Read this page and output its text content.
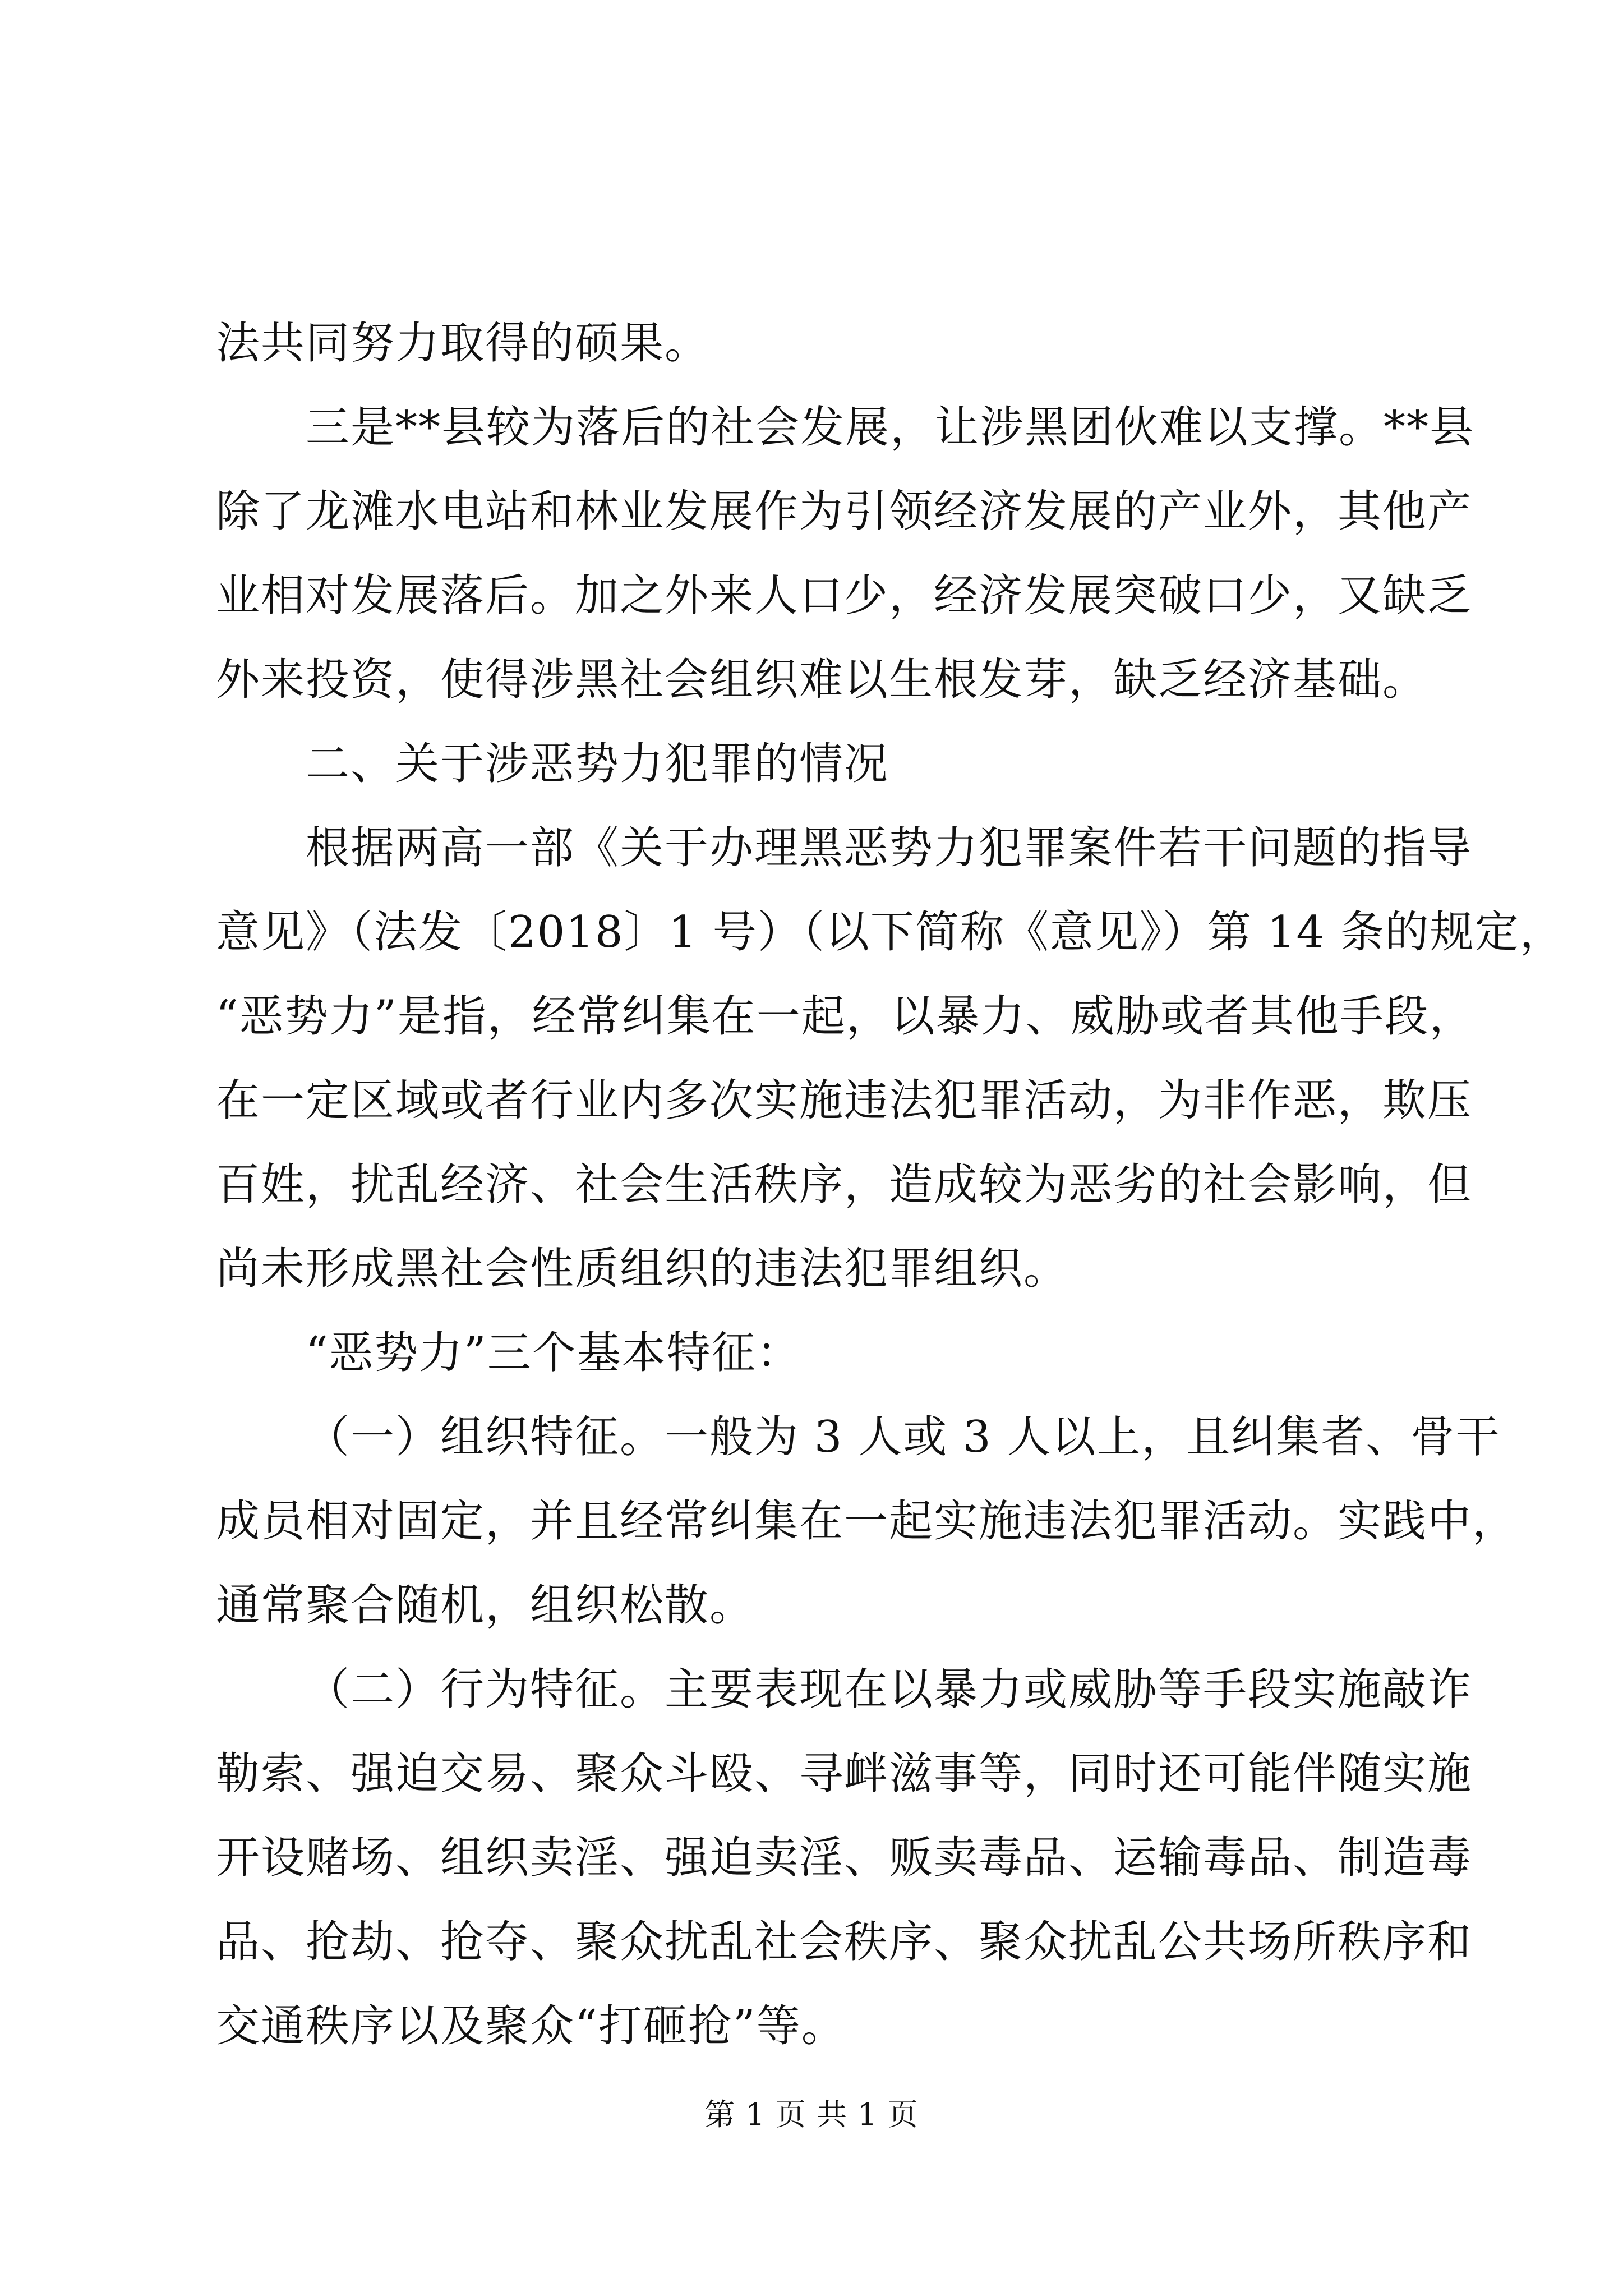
法共同努力取得的硕果。
三是**县较为落后的社会发展，让涉黑团伙难以支撑。**县
除了龙滩水电站和林业发展作为引领经济发展的产业外，其他产
业相对发展落后。加之外来人口少，经济发展突破口少，又缺乏
外来投资，使得涉黑社会组织难以生根发芽，缺乏经济基础。
二、关于涉恶势力犯罪的情况
根据两高一部《关于办理黑恶势力犯罪案件若干问题的指导
意见》（法发〔2018〕1 号）（以下简称《意见》）第 14 条的规定，
“恶势力”是指，经常纠集在一起，以暴力、威胁或者其他手段，
在一定区域或者行业内多次实施违法犯罪活动，为非作恶，欺压
百姓，扰乱经济、社会生活秩序，造成较为恶劣的社会影响，但
尚未形成黑社会性质组织的违法犯罪组织。
“恶势力”三个基本特征：
（一）组织特征。一般为 3 人或 3 人以上，且纠集者、骨干
成员相对固定，并且经常纠集在一起实施违法犯罪活动。实践中，
通常聚合随机，组织松散。
（二）行为特征。主要表现在以暴力或威胁等手段实施敲诈
勒索、强迫交易、聚众斗殴、寻衅滋事等，同时还可能伴随实施
开设赌场、组织卖淫、强迫卖淫、贩卖毒品、运输毒品、制造毒
品、抢劫、抢夺、聚众扰乱社会秩序、聚众扰乱公共场所秩序和
交通秩序以及聚众“打砸抢”等。
第 1 页 共 1 页
